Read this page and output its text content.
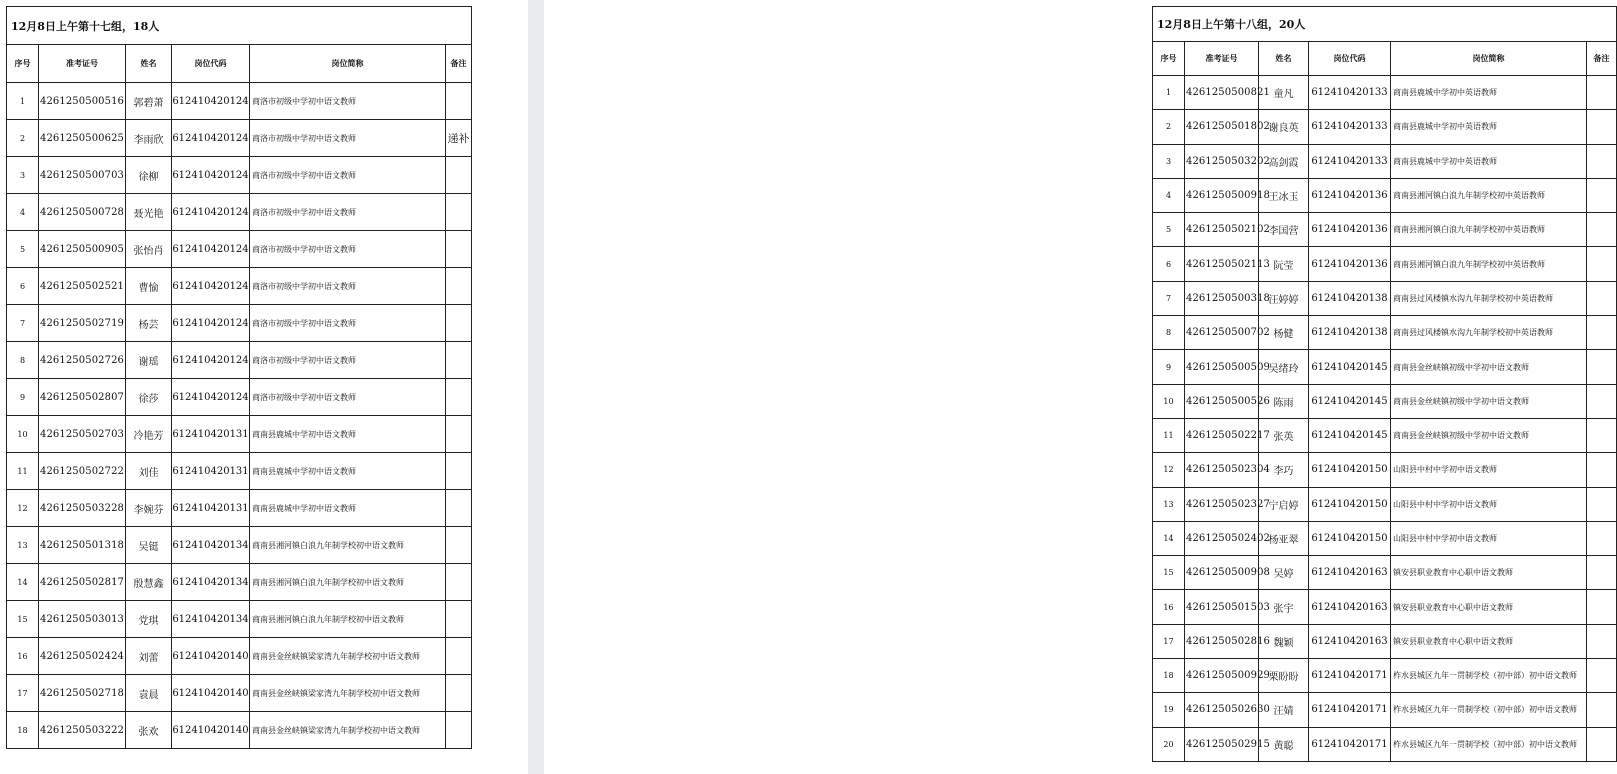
12月8日上午第十七组，18人					
序号	准考证号	姓名	岗位代码	岗位简称	备注
1	4261250500516	郭碧萧	612410420124	商洛市初级中学初中语文教师	
2	4261250500625	李雨欣	612410420124	商洛市初级中学初中语文教师	递补
3	4261250500703	徐柳	612410420124	商洛市初级中学初中语文教师	
4	4261250500728	聂光艳	612410420124	商洛市初级中学初中语文教师	
5	4261250500905	张怡肖	612410420124	商洛市初级中学初中语文教师	
6	4261250502521	曹愉	612410420124	商洛市初级中学初中语文教师	
7	4261250502719	杨芸	612410420124	商洛市初级中学初中语文教师	
8	4261250502726	谢瑶	612410420124	商洛市初级中学初中语文教师	
9	4261250502807	徐莎	612410420124	商洛市初级中学初中语文教师	
10	4261250502703	冷艳芳	612410420131	商南县鹿城中学初中语文教师	
11	4261250502722	刘佳	612410420131	商南县鹿城中学初中语文教师	
12	4261250503228	李婉芬	612410420131	商南县鹿城中学初中语文教师	
13	4261250501318	吴铤	612410420134	商南县湘河镇白浪九年制学校初中语文教师	
14	4261250502817	殷慧鑫	612410420134	商南县湘河镇白浪九年制学校初中语文教师	
15	4261250503013	党琪	612410420134	商南县湘河镇白浪九年制学校初中语文教师	
16	4261250502424	刘蕾	612410420140	商南县金丝峡镇梁家湾九年制学校初中语文教师	
17	4261250502718	袁晨	612410420140	商南县金丝峡镇梁家湾九年制学校初中语文教师	
18	4261250503222	张欢	612410420140	商南县金丝峡镇梁家湾九年制学校初中语文教师	
12月8日上午第十八组，20人					
序号	准考证号	姓名	岗位代码	岗位简称	备注
1	4261250500821	童凡	612410420133	商南县鹿城中学初中英语教师	
2	4261250501802	谢良英	612410420133	商南县鹿城中学初中英语教师	
3	4261250503202	高剑霞	612410420133	商南县鹿城中学初中英语教师	
4	4261250500918	王冰玉	612410420136	商南县湘河镇白浪九年制学校初中英语教师	
5	4261250502102	李国营	612410420136	商南县湘河镇白浪九年制学校初中英语教师	
6	4261250502113	阮莹	612410420136	商南县湘河镇白浪九年制学校初中英语教师	
7	4261250500318	汪婷婷	612410420138	商南县过风楼镇水沟九年制学校初中英语教师	
8	4261250500702	杨健	612410420138	商南县过风楼镇水沟九年制学校初中英语教师	
9	4261250500509	吴绪玲	612410420145	商南县金丝峡镇初级中学初中语文教师	
10	4261250500526	陈雨	612410420145	商南县金丝峡镇初级中学初中语文教师	
11	4261250502217	张英	612410420145	商南县金丝峡镇初级中学初中语文教师	
12	4261250502304	李巧	612410420150	山阳县中村中学初中语文教师	
13	4261250502327	宁启婷	612410420150	山阳县中村中学初中语文教师	
14	4261250502402	杨亚翠	612410420150	山阳县中村中学初中语文教师	
15	4261250500908	吴婷	612410420163	镇安县职业教育中心职中语文教师	
16	4261250501503	张宇	612410420163	镇安县职业教育中心职中语文教师	
17	4261250502816	魏颖	612410420163	镇安县职业教育中心职中语文教师	
18	4261250500929	栗盼盼	612410420171	柞水县城区九年一贯制学校（初中部）初中语文教师	
19	4261250502630	汪婧	612410420171	柞水县城区九年一贯制学校（初中部）初中语文教师	
20	4261250502915	黄聪	612410420171	柞水县城区九年一贯制学校（初中部）初中语文教师	
